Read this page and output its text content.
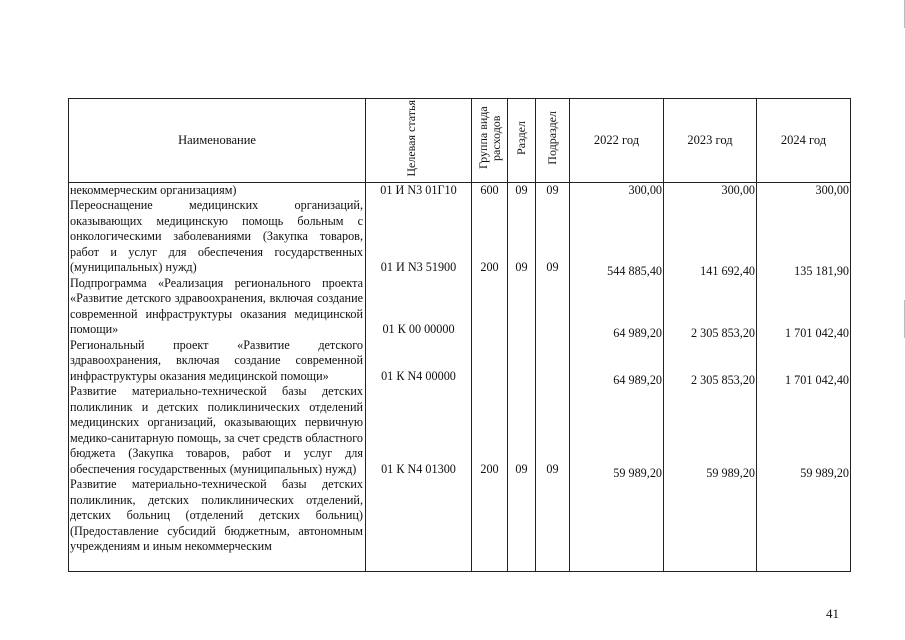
Наименование	Целевая статья	Группа вида расходов	Раздел	Подраздел	2022 год	2023 год	2024 год
некоммерческим организациям)	01 И N3 01Г10	600	09	09	300,00	300,00	300,00
Переоснащение медицинских организаций, оказывающих медицинскую помощь больным с онкологическими заболеваниями (Закупка товаров, работ и услуг для обеспечения государственных (муниципальных) нужд)	01 И N3 51900	200	09	09	544 885,40	141 692,40	135 181,90
Подпрограмма «Реализация регионального проекта «Развитие детского здравоохранения, включая создание современной инфраструктуры оказания медицинской помощи»	01 К 00 00000				64 989,20	2 305 853,20	1 701 042,40
Региональный проект «Развитие детского здравоохранения, включая создание современной инфраструктуры оказания медицинской помощи»	01 К N4 00000				64 989,20	2 305 853,20	1 701 042,40
Развитие материально-технической базы детских поликлиник и детских поликлинических отделений медицинских организаций, оказывающих первичную медико-санитарную помощь, за счет средств областного бюджета (Закупка товаров, работ и услуг для обеспечения государственных (муниципальных) нужд)	01 К N4 01300	200	09	09	59 989,20	59 989,20	59 989,20
Развитие материально-технической базы детских поликлиник, детских поликлинических отделений, детских больниц (отделений детских больниц) (Предоставление субсидий бюджетным, автономным учреждениям и иным некоммерческим							
41
